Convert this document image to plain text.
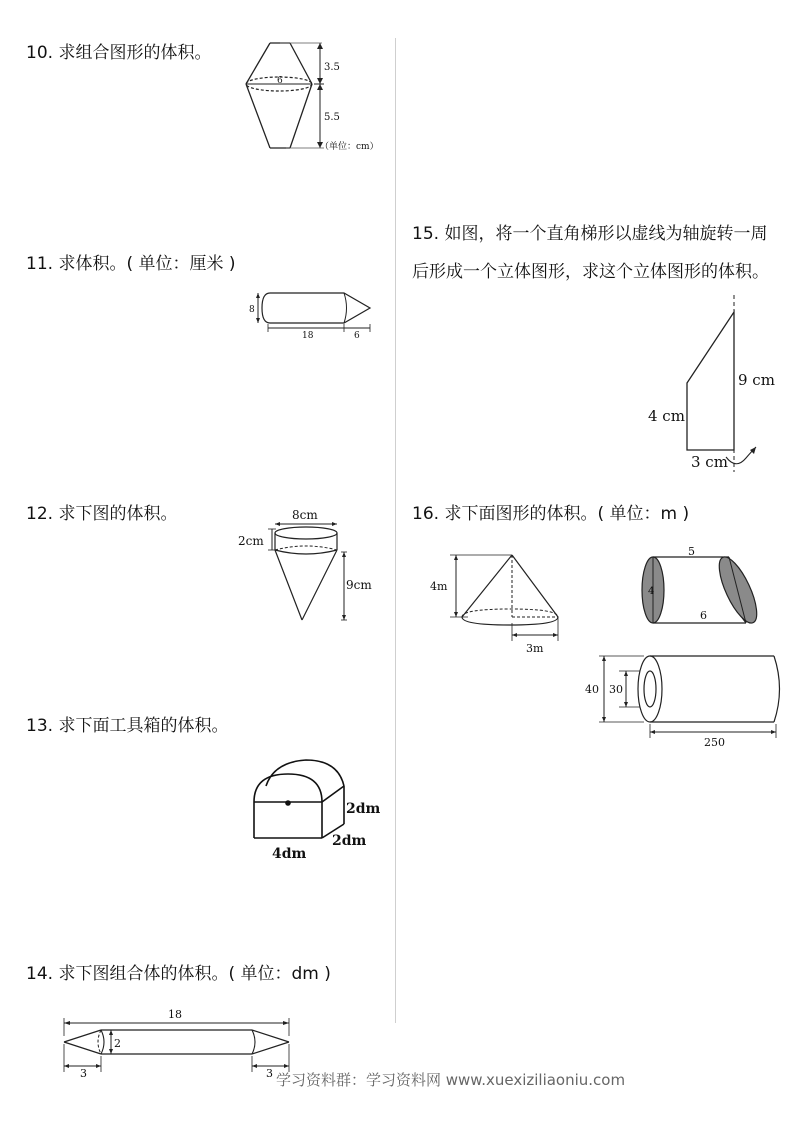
10. 求组合图形的体积。

6
3.5
5.5
（单位：cm）

11. 求体积。( 单位：厘米 )

8
18	6

12. 求下图的体积。	8cm
2cm
9cm

13. 求下面工具箱的体积。

2dm
2dm
4dm

14. 求下图组合体的体积。( 单位：dm )

18
2
3	3

15. 如图，将一个直角梯形以虚线为轴旋转一周后形成一个立体图形，求这个立体图形的体积。

9 cm
4 cm
3 cm

16. 求下面图形的体积。( 单位：m )

4m
3m
5
4
6
40 30
250
学习资料群：学习资料网 www.xuexiziliaoniu.com
